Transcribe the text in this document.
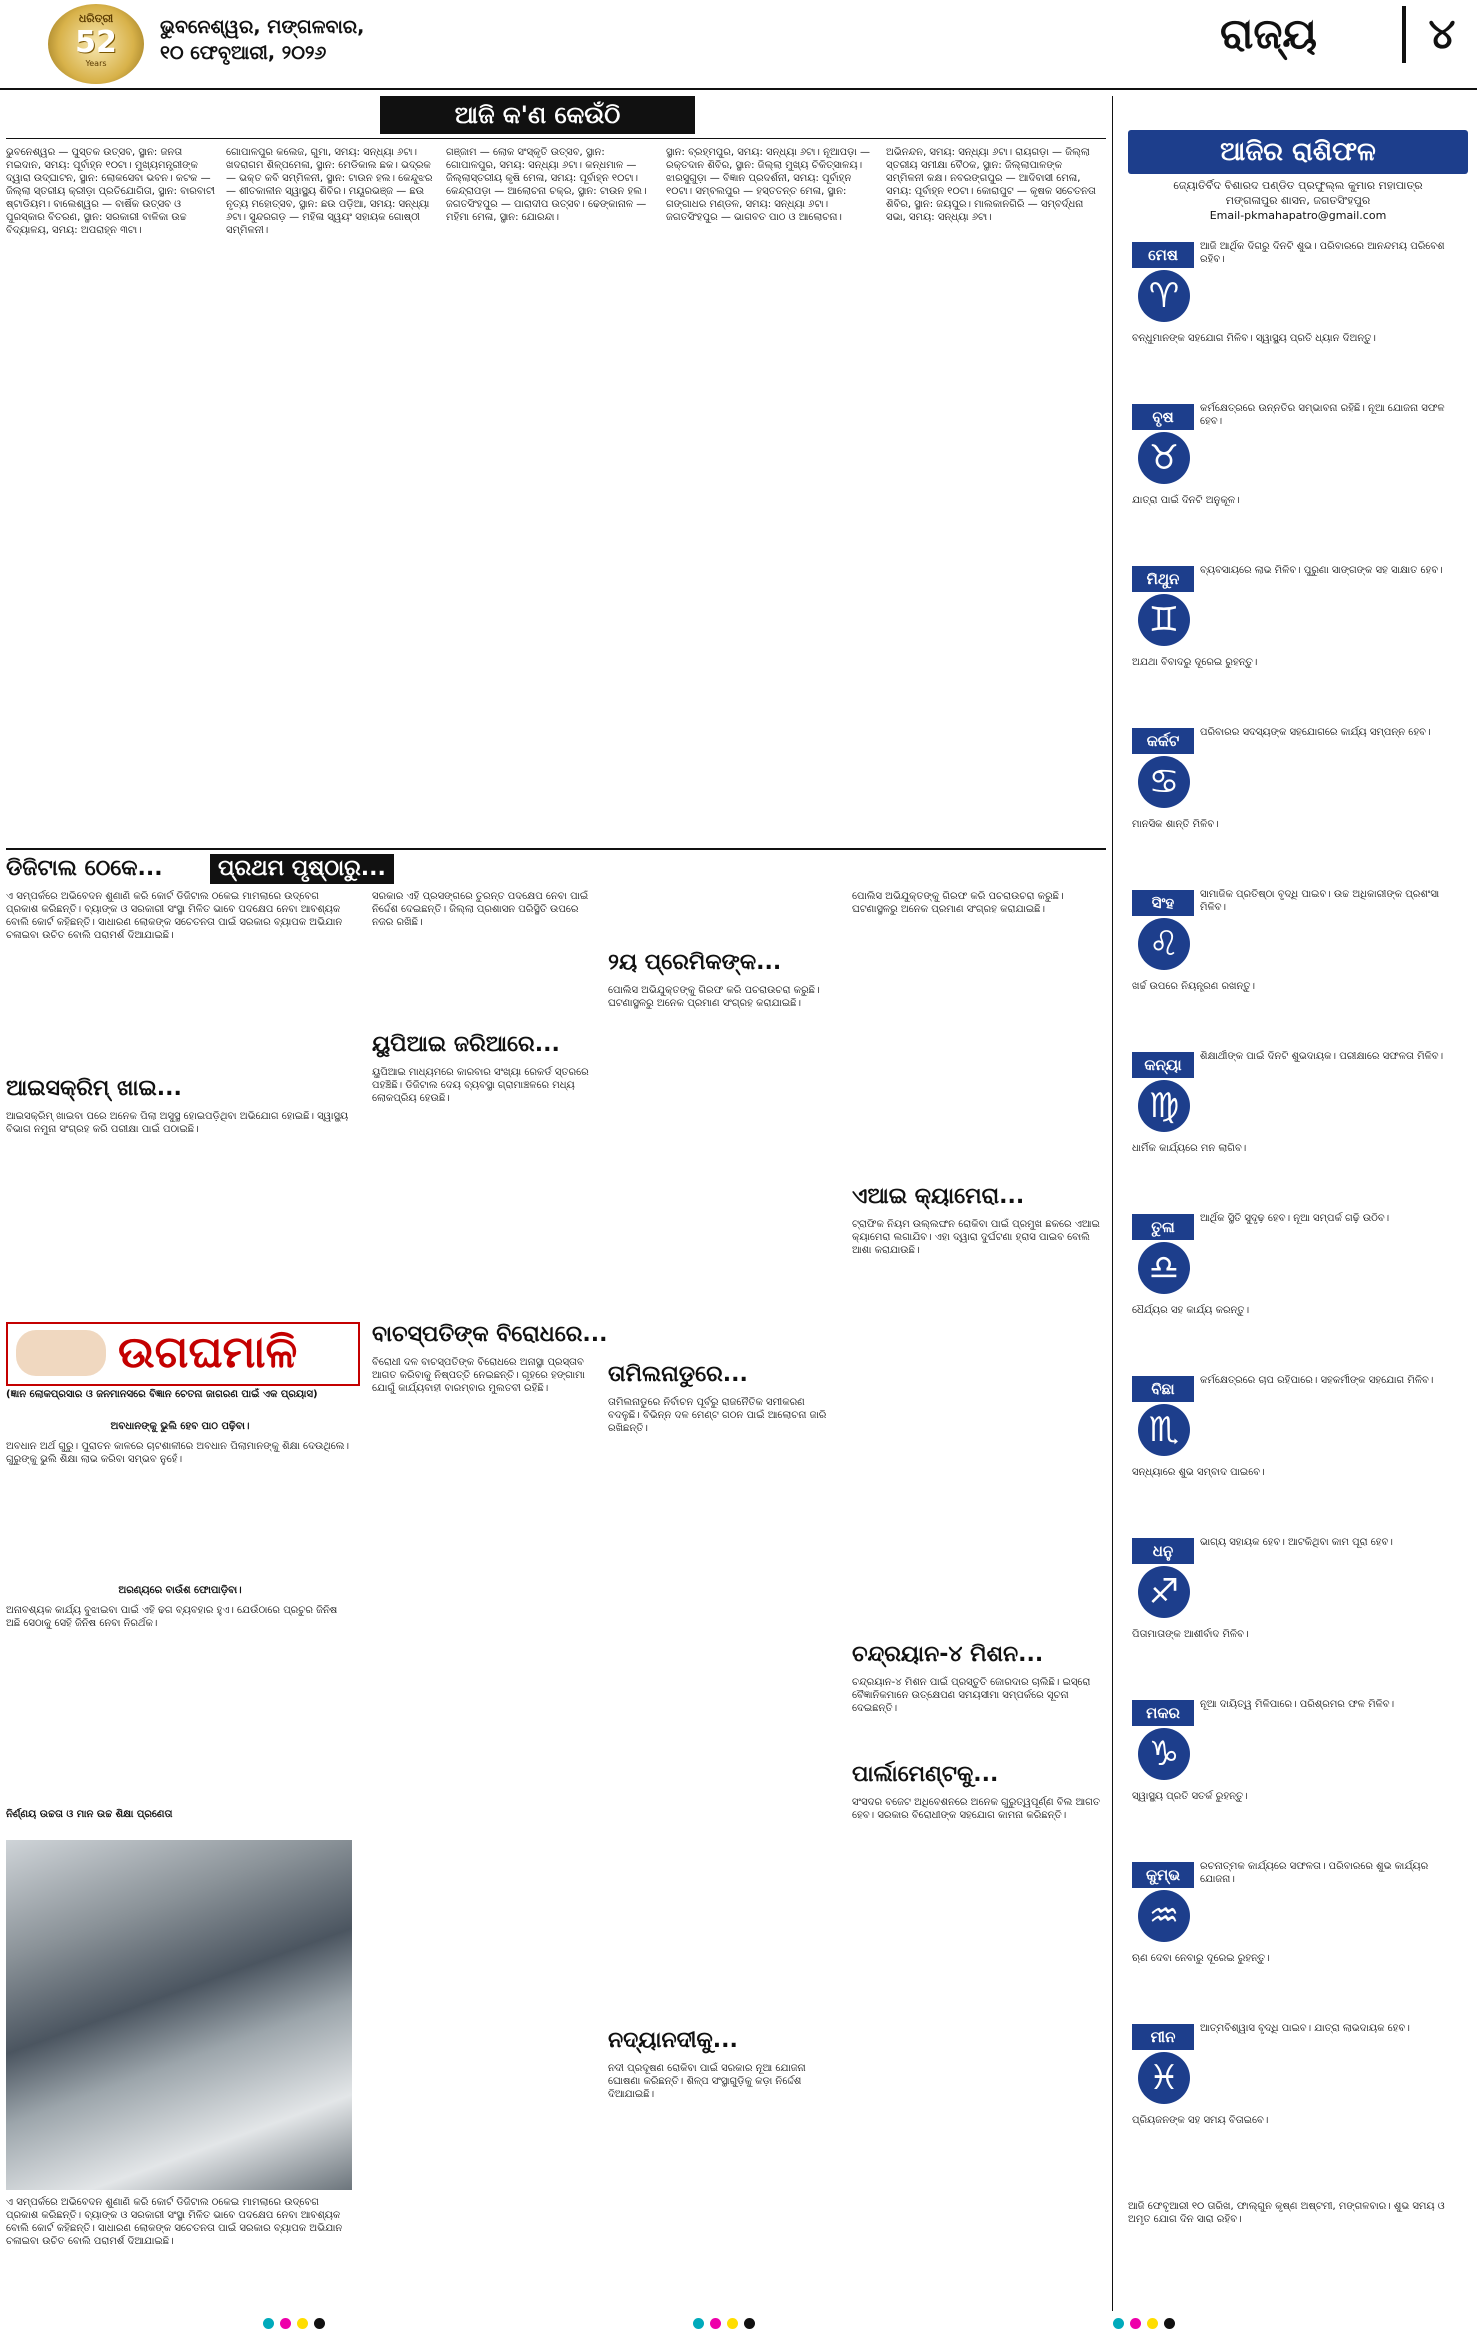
ଧରିତ୍ରୀ
52
Years
ଭୁବନେଶ୍ୱର, ମଙ୍ଗଳବାର,
୧୦ ଫେବୃଆରୀ, ୨୦୨୬	ରାଜ୍ୟ	୪
ଆଜି କ'ଣ କେଉଁଠି
ଭୁବନେଶ୍ୱର — ପୁସ୍ତକ ଉତ୍ସବ, ସ୍ଥାନ: ଜନତା ମଇଦାନ, ସମୟ: ପୂର୍ବାହ୍ନ ୧୦ଟା। ମୁଖ୍ୟମନ୍ତ୍ରୀଙ୍କ ଦ୍ୱାରା ଉଦ୍‌ଘାଟନ, ସ୍ଥାନ: ଲୋକସେବା ଭବନ। କଟକ — ଜିଲ୍ଲା ସ୍ତରୀୟ କ୍ରୀଡ଼ା ପ୍ରତିଯୋଗିତା, ସ୍ଥାନ: ବାରବାଟୀ ଷ୍ଟାଡିୟମ। ବାଲେଶ୍ୱର — ବାର୍ଷିକ ଉତ୍ସବ ଓ ପୁରସ୍କାର ବିତରଣ, ସ୍ଥାନ: ସରକାରୀ ବାଳିକା ଉଚ୍ଚ ବିଦ୍ୟାଳୟ, ସମୟ: ଅପରାହ୍ନ ୩ଟା।
ଗୋପାଳପୁର କଲେଜ, ଗୁମା, ସମୟ: ସନ୍ଧ୍ୟା ୬ଟା। ଖଦରାଗମ ଶିଳ୍ପମେଳା, ସ୍ଥାନ: ମେଡିକାଲ ଛକ। ଭଦ୍ରକ — ଭକ୍ତ କବି ସମ୍ମିଳନୀ, ସ୍ଥାନ: ଟାଉନ ହଲ। କେନ୍ଦୁଝର — ଶୀତକାଳୀନ ସ୍ୱାସ୍ଥ୍ୟ ଶିବିର। ମୟୂରଭଞ୍ଜ — ଛଉ ନୃତ୍ୟ ମହୋତ୍ସବ, ସ୍ଥାନ: ଛଉ ପଡ଼ିଆ, ସମୟ: ସନ୍ଧ୍ୟା ୬ଟା। ସୁନ୍ଦରଗଡ଼ — ମହିଳା ସ୍ୱୟଂ ସହାୟକ ଗୋଷ୍ଠୀ ସମ୍ମିଳନୀ।
ଗଞ୍ଜାମ — ଲୋକ ସଂସ୍କୃତି ଉତ୍ସବ, ସ୍ଥାନ: ଗୋପାଳପୁର, ସମୟ: ସନ୍ଧ୍ୟା ୬ଟା। କନ୍ଧମାଳ — ଜିଲ୍ଲାସ୍ତରୀୟ କୃଷି ମେଳା, ସମୟ: ପୂର୍ବାହ୍ନ ୧୦ଟା। କେନ୍ଦ୍ରାପଡ଼ା — ଆଲୋଚନା ଚକ୍ର, ସ୍ଥାନ: ଟାଉନ ହଲ। ଜଗତସିଂହପୁର — ପାରାଦୀପ ଉତ୍ସବ। ଢେଙ୍କାନାଳ — ମହିମା ମେଳା, ସ୍ଥାନ: ଯୋରନ୍ଦା।
ସ୍ଥାନ: ବ୍ରହ୍ମପୁର, ସମୟ: ସନ୍ଧ୍ୟା ୬ଟା। ନୂଆପଡ଼ା — ରକ୍ତଦାନ ଶିବିର, ସ୍ଥାନ: ଜିଲ୍ଲା ମୁଖ୍ୟ ଚିକିତ୍ସାଳୟ। ଝାରସୁଗୁଡ଼ା — ବିଜ୍ଞାନ ପ୍ରଦର୍ଶନୀ, ସମୟ: ପୂର୍ବାହ୍ନ ୧୦ଟା। ସମ୍ବଲପୁର — ହସ୍ତତନ୍ତ ମେଳା, ସ୍ଥାନ: ଗଙ୍ଗାଧର ମଣ୍ଡଳ, ସମୟ: ସନ୍ଧ୍ୟା ୬ଟା। ଜଗତସିଂହପୁର — ଭାଗବତ ପାଠ ଓ ଆଲୋଚନା।
ଅଭିନନ୍ଦନ, ସମୟ: ସନ୍ଧ୍ୟା ୬ଟା। ରାୟଗଡ଼ା — ଜିଲ୍ଲା ସ୍ତରୀୟ ସମୀକ୍ଷା ବୈଠକ, ସ୍ଥାନ: ଜିଲ୍ଲାପାଳଙ୍କ ସମ୍ମିଳନୀ କକ୍ଷ। ନବରଙ୍ଗପୁର — ଆଦିବାସୀ ମେଳା, ସମୟ: ପୂର୍ବାହ୍ନ ୧୦ଟା। କୋରାପୁଟ — କୃଷକ ସଚେତନତା ଶିବିର, ସ୍ଥାନ: ଜୟପୁର। ମାଲକାନଗିରି — ସମ୍ବର୍ଦ୍ଧନା ସଭା, ସମୟ: ସନ୍ଧ୍ୟା ୬ଟା।
ଡିଜିଟାଲ ଠେକେ...
ଏ ସମ୍ପର୍କରେ ଅଭିବେଦନ ଶୁଣାଣି କରି କୋର୍ଟ ଡିଜିଟାଲ ଠକେଇ ମାମଲାରେ ଉଦ୍ବେଗ ପ୍ରକାଶ କରିଛନ୍ତି। ବ୍ୟାଙ୍କ ଓ ସରକାରୀ ସଂସ୍ଥା ମିଳିତ ଭାବେ ପଦକ୍ଷେପ ନେବା ଆବଶ୍ୟକ ବୋଲି କୋର୍ଟ କହିଛନ୍ତି। ସାଧାରଣ ଲୋକଙ୍କ ସଚେତନତା ପାଇଁ ସରକାର ବ୍ୟାପକ ଅଭିଯାନ ଚଳାଇବା ଉଚିତ ବୋଲି ପରାମର୍ଶ ଦିଆଯାଇଛି।
ଆଇସକ୍ରିମ୍ ଖାଇ...
ଆଇସକ୍ରିମ୍ ଖାଇବା ପରେ ଅନେକ ପିଲା ଅସୁସ୍ଥ ହୋଇପଡ଼ିଥିବା ଅଭିଯୋଗ ହୋଇଛି। ସ୍ୱାସ୍ଥ୍ୟ ବିଭାଗ ନମୁନା ସଂଗ୍ରହ କରି ପରୀକ୍ଷା ପାଇଁ ପଠାଇଛି।
ପ୍ରଥମ ପୃଷ୍ଠାରୁ...
ସରକାର ଏହି ପ୍ରସଙ୍ଗରେ ତୁରନ୍ତ ପଦକ୍ଷେପ ନେବା ପାଇଁ ନିର୍ଦ୍ଦେଶ ଦେଇଛନ୍ତି। ଜିଲ୍ଲା ପ୍ରଶାସନ ପରିସ୍ଥିତି ଉପରେ ନଜର ରଖିଛି।
ୟୁପିଆଇ ଜରିଆରେ...
ୟୁପିଆଇ ମାଧ୍ୟମରେ କାରବାର ସଂଖ୍ୟା ରେକର୍ଡ ସ୍ତରରେ ପହଞ୍ଚିଛି। ଡିଜିଟାଲ ଦେୟ ବ୍ୟବସ୍ଥା ଗ୍ରାମାଞ୍ଚଳରେ ମଧ୍ୟ ଲୋକପ୍ରିୟ ହେଉଛି।
ବାଚସ୍ପତିଙ୍କ ବିରୋଧରେ...
ବିରୋଧୀ ଦଳ ବାଚସ୍ପତିଙ୍କ ବିରୋଧରେ ଅନାସ୍ଥା ପ୍ରସ୍ତାବ ଆଗତ କରିବାକୁ ନିଷ୍ପତ୍ତି ନେଇଛନ୍ତି। ଗୃହରେ ହଙ୍ଗାମା ଯୋଗୁଁ କାର୍ଯ୍ୟବାହୀ ବାରମ୍ବାର ମୁଲତବୀ ରହିଛି।
୨ୟ ପ୍ରେମିକଙ୍କ...
ପୋଲିସ ଅଭିଯୁକ୍ତଙ୍କୁ ଗିରଫ କରି ପଚରାଉଚରା କରୁଛି। ଘଟଣାସ୍ଥଳରୁ ଅନେକ ପ୍ରମାଣ ସଂଗ୍ରହ କରାଯାଇଛି।
ତାମିଲନାଡୁରେ...
ତାମିଲନାଡୁରେ ନିର୍ବାଚନ ପୂର୍ବରୁ ରାଜନୈତିକ ସମୀକରଣ ବଦଳୁଛି। ବିଭିନ୍ନ ଦଳ ମେଣ୍ଟ ଗଠନ ପାଇଁ ଆଲୋଚନା ଜାରି ରଖିଛନ୍ତି।
ନଦ୍ୟାନଦୀକୁ...
ନଦୀ ପ୍ରଦୂଷଣ ରୋକିବା ପାଇଁ ସରକାର ନୂଆ ଯୋଜନା ଘୋଷଣା କରିଛନ୍ତି। ଶିଳ୍ପ ସଂସ୍ଥାଗୁଡ଼ିକୁ କଡ଼ା ନିର୍ଦ୍ଦେଶ ଦିଆଯାଇଛି।
ପୋଲିସ ଅଭିଯୁକ୍ତଙ୍କୁ ଗିରଫ କରି ପଚରାଉଚରା କରୁଛି। ଘଟଣାସ୍ଥଳରୁ ଅନେକ ପ୍ରମାଣ ସଂଗ୍ରହ କରାଯାଇଛି।
ଏଆଇ କ୍ୟାମେରା...
ଟ୍ରାଫିକ ନିୟମ ଉଲ୍ଲଙ୍ଘନ ରୋକିବା ପାଇଁ ପ୍ରମୁଖ ଛକରେ ଏଆଇ କ୍ୟାମେରା ଲଗାଯିବ। ଏହା ଦ୍ୱାରା ଦୁର୍ଘଟଣା ହ୍ରାସ ପାଇବ ବୋଲି ଆଶା କରାଯାଉଛି।
ଚନ୍ଦ୍ରୟାନ-୪ ମିଶନ...
ଚନ୍ଦ୍ରୟାନ-୪ ମିଶନ ପାଇଁ ପ୍ରସ୍ତୁତି ଜୋରଦାର ଚାଲିଛି। ଇସ୍ରୋ ବୈଜ୍ଞାନିକମାନେ ଉତ୍କ୍ଷେପଣ ସମୟସୀମା ସମ୍ପର୍କରେ ସୂଚନା ଦେଇଛନ୍ତି।
ପାର୍ଲାମେଣ୍ଟକୁ...
ସଂସଦର ବଜେଟ ଅଧିବେଶନରେ ଅନେକ ଗୁରୁତ୍ୱପୂର୍ଣ୍ଣ ବିଲ ଆଗତ ହେବ। ସରକାର ବିରୋଧୀଙ୍କ ସହଯୋଗ କାମନା କରିଛନ୍ତି।
ଉଗଘମାଳି
(ଜ୍ଞାନ ଲୋକପ୍ରସାର ଓ ଜନମାନସରେ ବିଜ୍ଞାନ ଚେତନା ଜାଗରଣ ପାଇଁ ଏକ ପ୍ରୟାସ)
ଅବଧାନଙ୍କୁ ଭୁଲି ହେବ ପାଠ ପଢ଼ିବା।
ଅବଧାନ ଅର୍ଥ ଗୁରୁ। ପୁରାତନ କାଳରେ ଚାଟଶାଳୀରେ ଅବଧାନ ପିଲାମାନଙ୍କୁ ଶିକ୍ଷା ଦେଉଥିଲେ। ଗୁରୁଙ୍କୁ ଭୁଲି ଶିକ୍ଷା ଲାଭ କରିବା ସମ୍ଭବ ନୁହେଁ।
ଅରଣ୍ୟରେ ବାଉଁଶ ଫୋପାଡ଼ିବା।
ଅନାବଶ୍ୟକ କାର୍ଯ୍ୟ ବୁଝାଇବା ପାଇଁ ଏହି ଢଗ ବ୍ୟବହାର ହୁଏ। ଯେଉଁଠାରେ ପ୍ରଚୁର ଜିନିଷ ଅଛି ସେଠାକୁ ସେହି ଜିନିଷ ନେବା ନିରର୍ଥକ।
ନିର୍ଣ୍ଣୟ ଉଚ୍ଚତା ଓ ମାନ ଉଚ୍ଚ ଶିକ୍ଷା ପ୍ରଣେତା
ଏ ସମ୍ପର୍କରେ ଅଭିବେଦନ ଶୁଣାଣି କରି କୋର୍ଟ ଡିଜିଟାଲ ଠକେଇ ମାମଲାରେ ଉଦ୍ବେଗ ପ୍ରକାଶ କରିଛନ୍ତି। ବ୍ୟାଙ୍କ ଓ ସରକାରୀ ସଂସ୍ଥା ମିଳିତ ଭାବେ ପଦକ୍ଷେପ ନେବା ଆବଶ୍ୟକ ବୋଲି କୋର୍ଟ କହିଛନ୍ତି। ସାଧାରଣ ଲୋକଙ୍କ ସଚେତନତା ପାଇଁ ସରକାର ବ୍ୟାପକ ଅଭିଯାନ ଚଳାଇବା ଉଚିତ ବୋଲି ପରାମର୍ଶ ଦିଆଯାଇଛି।
ଆଜିର ରାଶିଫଳ
ଜ୍ୟୋତିର୍ବିଦ ବିଶାରଦ ପଣ୍ଡିତ ପ୍ରଫୁଲ୍ଲ କୁମାର ମହାପାତ୍ର
ମଙ୍ଗଳାପୁର ଶାସନ, ଜଗତସିଂହପୁର
Email-pkmahapatro@gmail.com
ମେଷ
♈
ଆଜି ଆର୍ଥିକ ଦିଗରୁ ଦିନଟି ଶୁଭ। ପରିବାରରେ ଆନନ୍ଦମୟ ପରିବେଶ ରହିବ।
ବନ୍ଧୁମାନଙ୍କ ସହଯୋଗ ମିଳିବ। ସ୍ୱାସ୍ଥ୍ୟ ପ୍ରତି ଧ୍ୟାନ ଦିଅନ୍ତୁ।
ବୃଷ
♉
କର୍ମକ୍ଷେତ୍ରରେ ଉନ୍ନତିର ସମ୍ଭାବନା ରହିଛି। ନୂଆ ଯୋଜନା ସଫଳ ହେବ।
ଯାତ୍ରା ପାଇଁ ଦିନଟି ଅନୁକୂଳ।
ମିଥୁନ
♊
ବ୍ୟବସାୟରେ ଲାଭ ମିଳିବ। ପୁରୁଣା ସାଙ୍ଗଙ୍କ ସହ ସାକ୍ଷାତ ହେବ।
ଅଯଥା ବିବାଦରୁ ଦୂରେଇ ରୁହନ୍ତୁ।
କର୍କଟ
♋
ପରିବାରର ସଦସ୍ୟଙ୍କ ସହଯୋଗରେ କାର୍ଯ୍ୟ ସମ୍ପନ୍ନ ହେବ।
ମାନସିକ ଶାନ୍ତି ମିଳିବ।
ସିଂହ
♌
ସାମାଜିକ ପ୍ରତିଷ୍ଠା ବୃଦ୍ଧି ପାଇବ। ଉଚ୍ଚ ଅଧିକାରୀଙ୍କ ପ୍ରଶଂସା ମିଳିବ।
ଖର୍ଚ୍ଚ ଉପରେ ନିୟନ୍ତ୍ରଣ ରଖନ୍ତୁ।
କନ୍ୟା
♍
ଶିକ୍ଷାର୍ଥୀଙ୍କ ପାଇଁ ଦିନଟି ଶୁଭଦାୟକ। ପରୀକ୍ଷାରେ ସଫଳତା ମିଳିବ।
ଧାର୍ମିକ କାର୍ଯ୍ୟରେ ମନ ଲାଗିବ।
ତୁଳା
♎
ଆର୍ଥିକ ସ୍ଥିତି ସୁଦୃଢ଼ ହେବ। ନୂଆ ସମ୍ପର୍କ ଗଢ଼ି ଉଠିବ।
ଧୈର୍ଯ୍ୟର ସହ କାର୍ଯ୍ୟ କରନ୍ତୁ।
ବିଛା
♏
କର୍ମକ୍ଷେତ୍ରରେ ଚାପ ରହିପାରେ। ସହକର୍ମୀଙ୍କ ସହଯୋଗ ମିଳିବ।
ସନ୍ଧ୍ୟାରେ ଶୁଭ ସମ୍ବାଦ ପାଇବେ।
ଧନୁ
♐
ଭାଗ୍ୟ ସହାୟକ ହେବ। ଆଟକିଥିବା କାମ ପୂରା ହେବ।
ପିତାମାତାଙ୍କ ଆଶୀର୍ବାଦ ମିଳିବ।
ମକର
♑
ନୂଆ ଦାୟିତ୍ୱ ମିଳିପାରେ। ପରିଶ୍ରମର ଫଳ ମିଳିବ।
ସ୍ୱାସ୍ଥ୍ୟ ପ୍ରତି ସତର୍କ ରୁହନ୍ତୁ।
କୁମ୍ଭ
♒
ରଚନାତ୍ମକ କାର୍ଯ୍ୟରେ ସଫଳତା। ପରିବାରରେ ଶୁଭ କାର୍ଯ୍ୟର ଯୋଜନା।
ଋଣ ଦେବା ନେବାରୁ ଦୂରେଇ ରୁହନ୍ତୁ।
ମୀନ
♓
ଆତ୍ମବିଶ୍ୱାସ ବୃଦ୍ଧି ପାଇବ। ଯାତ୍ରା ଲାଭଦାୟକ ହେବ।
ପ୍ରିୟଜନଙ୍କ ସହ ସମୟ ବିତାଇବେ।
ଆଜି ଫେବୃଆରୀ ୧୦ ତାରିଖ, ଫାଲ୍‌ଗୁନ କୃଷ୍ଣ ଅଷ୍ଟମୀ, ମଙ୍ଗଳବାର। ଶୁଭ ସମୟ ଓ ଅମୃତ ଯୋଗ ଦିନ ସାରା ରହିବ।
